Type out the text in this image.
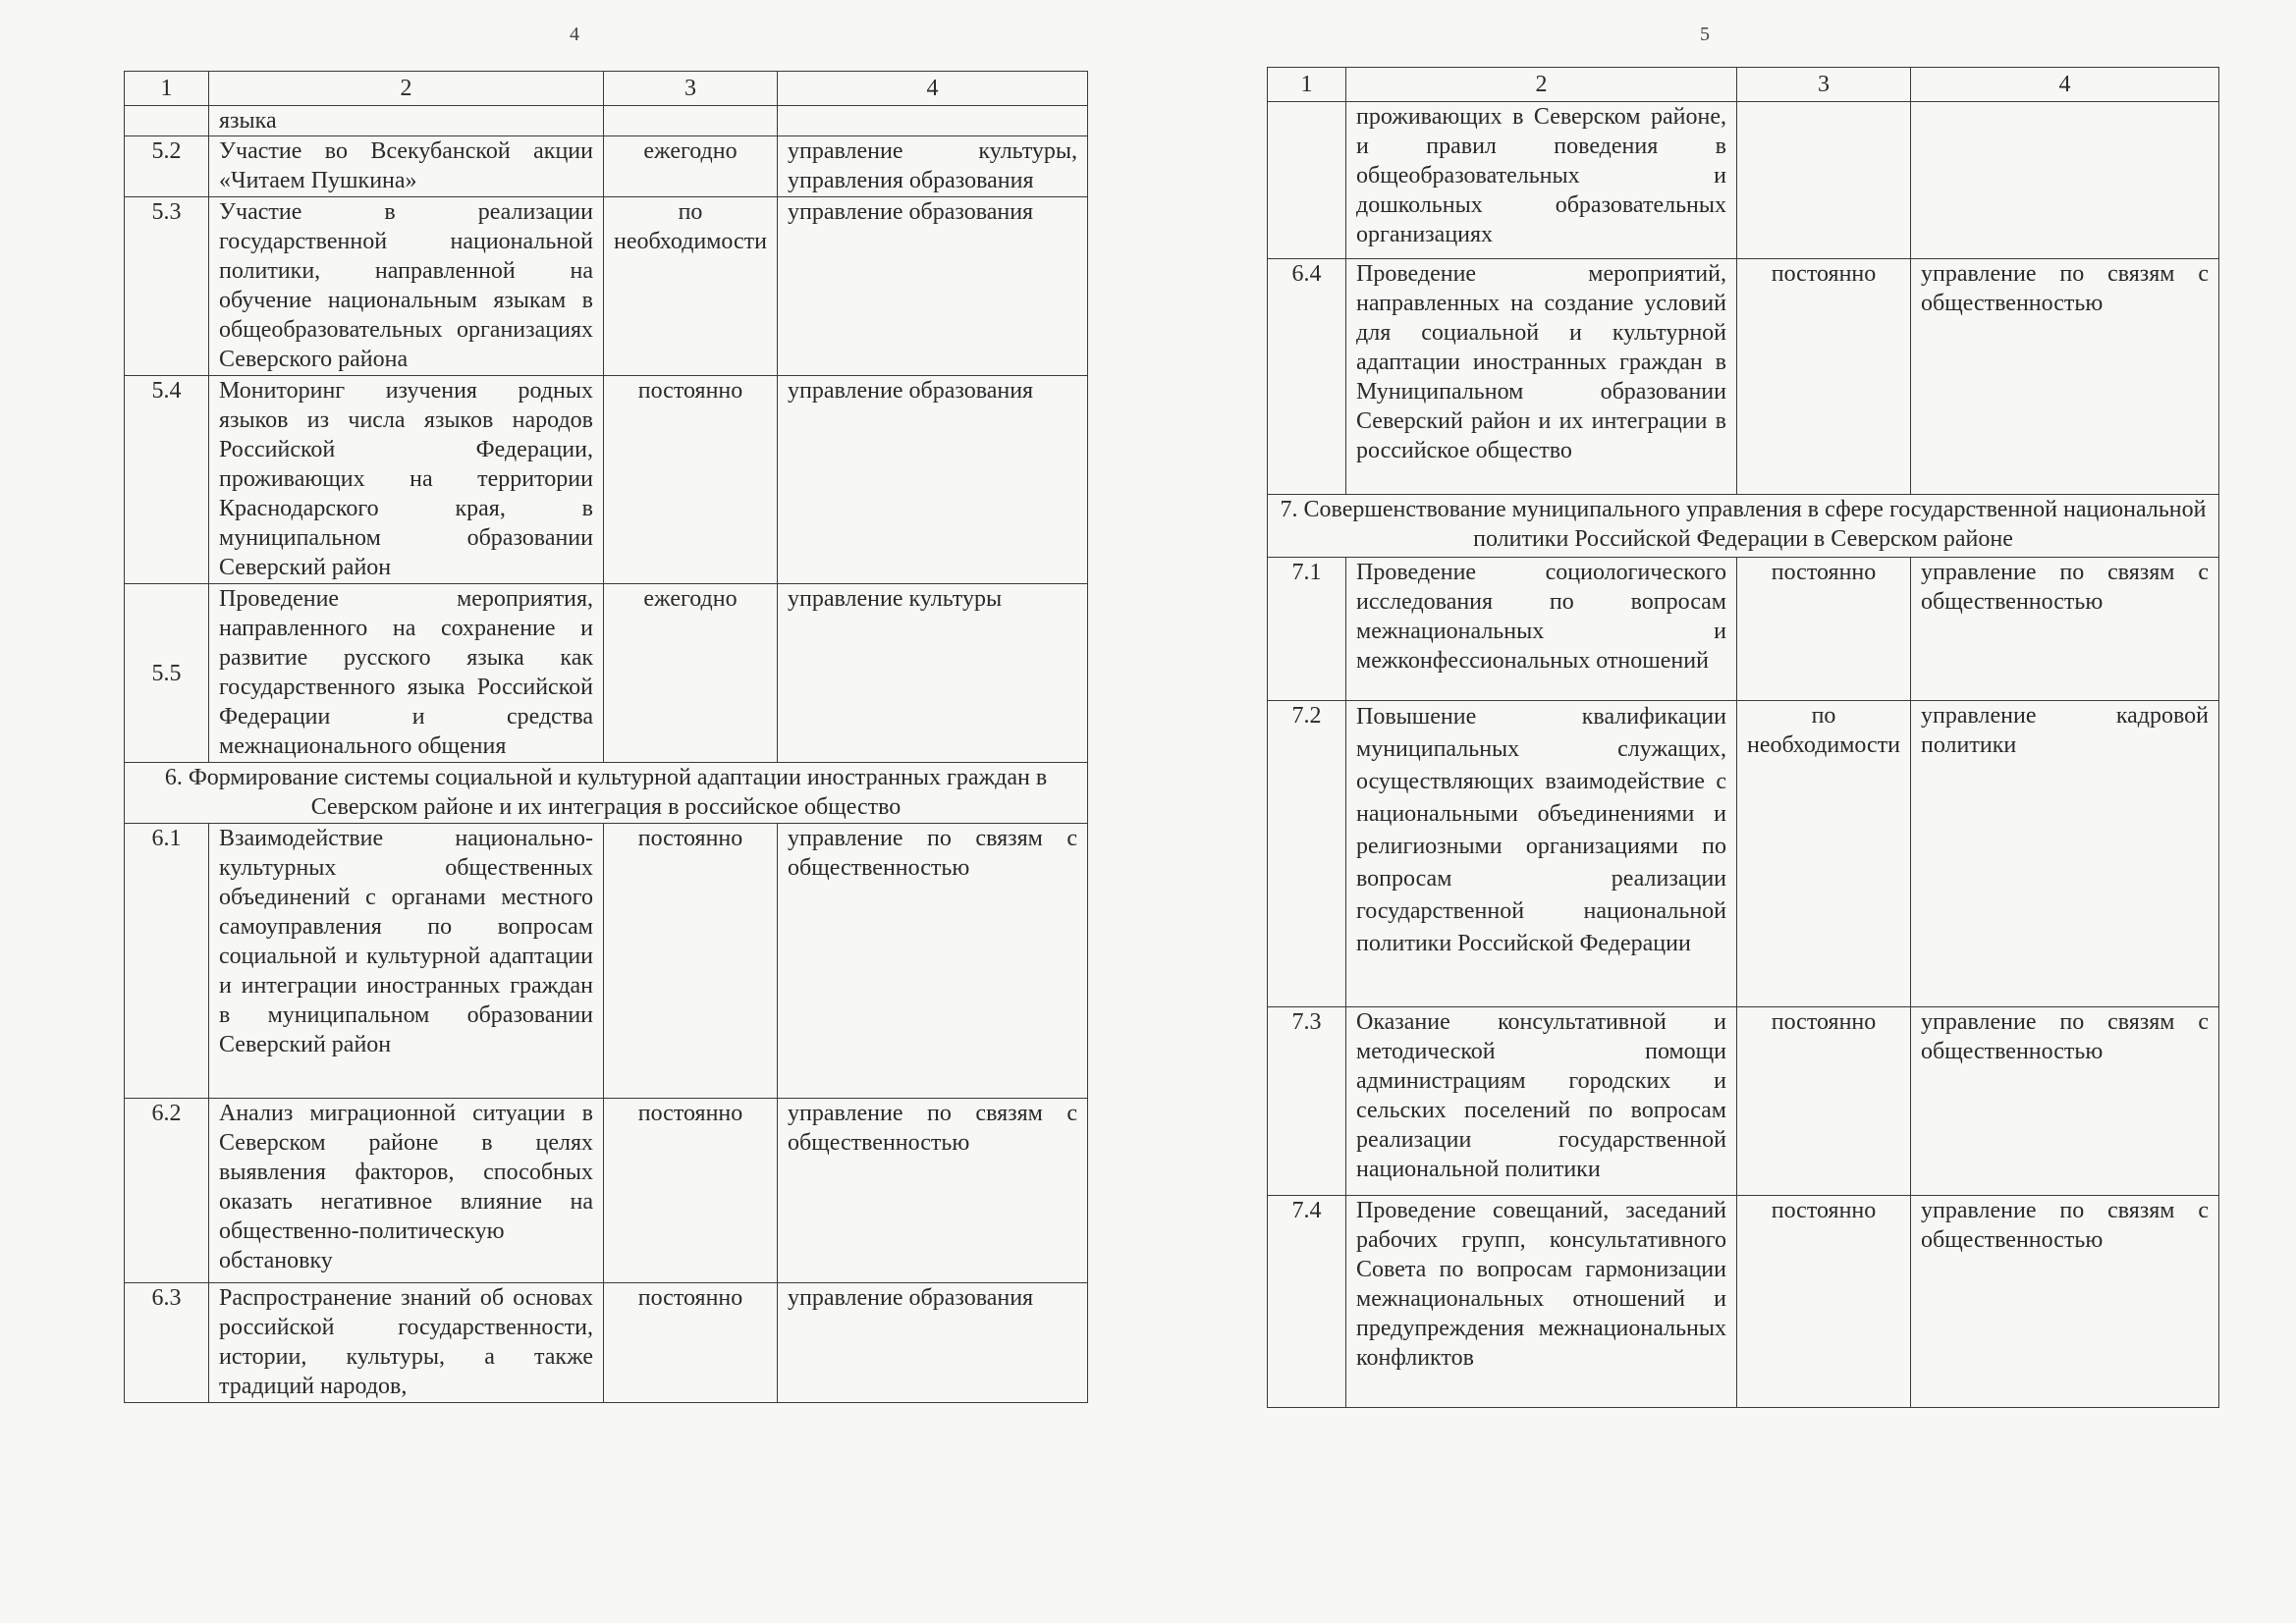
4	5
1	2	3	4
	языка		
5.2	Участие во Всекубанской акции «Читаем Пушкина»	ежегодно	управление культуры, управления образования
5.3	Участие в реализации государственной национальной политики, направленной на обучение национальным языкам в общеобразовательных организациях Северского района	по необходимости	управление образования
5.4	Мониторинг изучения родных языков из числа языков народов Российской Федерации, проживающих на территории Краснодарского края, в муниципальном образовании Северский район	постоянно	управление образования
5.5	Проведение мероприятия, направленного на сохранение и развитие русского языка как государственного языка Российской Федерации и средства межнационального общения	ежегодно	управление культуры
6. Формирование системы социальной и культурной адаптации иностранных граждан в Северском районе и их интеграция в российское общество			
6.1	Взаимодействие национально-культурных общественных объединений с органами местного самоуправления по вопросам социальной и культурной адаптации и интеграции иностранных граждан в муниципальном образовании Северский район	постоянно	управление по связям с общественностью
6.2	Анализ миграционной ситуации в Северском районе в целях выявления факторов, способных оказать негативное влияние на общественно-политическую обстановку	постоянно	управление по связям с общественностью
6.3	Распространение знаний об основах российской государственности, истории, культуры, а также традиций народов,	постоянно	управление образования
1	2	3	4
	проживающих в Северском районе, и правил поведения в общеобразовательных и дошкольных образовательных организациях		
6.4	Проведение мероприятий, направленных на создание условий для социальной и культурной адаптации иностранных граждан в Муниципальном образовании Северский район и их интеграции в российское общество	постоянно	управление по связям с общественностью
7. Совершенствование муниципального управления в сфере государственной национальной политики Российской Федерации в Северском районе			
7.1	Проведение социологического исследования по вопросам межнациональных и межконфессиональных отношений	постоянно	управление по связям с общественностью
7.2	Повышение квалификации муниципальных служащих, осуществляющих взаимодействие с национальными объединениями и религиозными организациями по вопросам реализации государственной национальной политики Российской Федерации	по необходимости	управление кадровой политики
7.3	Оказание консультативной и методической помощи администрациям городских и сельских поселений по вопросам реализации государственной национальной политики	постоянно	управление по связям с общественностью
7.4	Проведение совещаний, заседаний рабочих групп, консультативного Совета по вопросам гармонизации межнациональных отношений и предупреждения межнациональных конфликтов	постоянно	управление по связям с общественностью
